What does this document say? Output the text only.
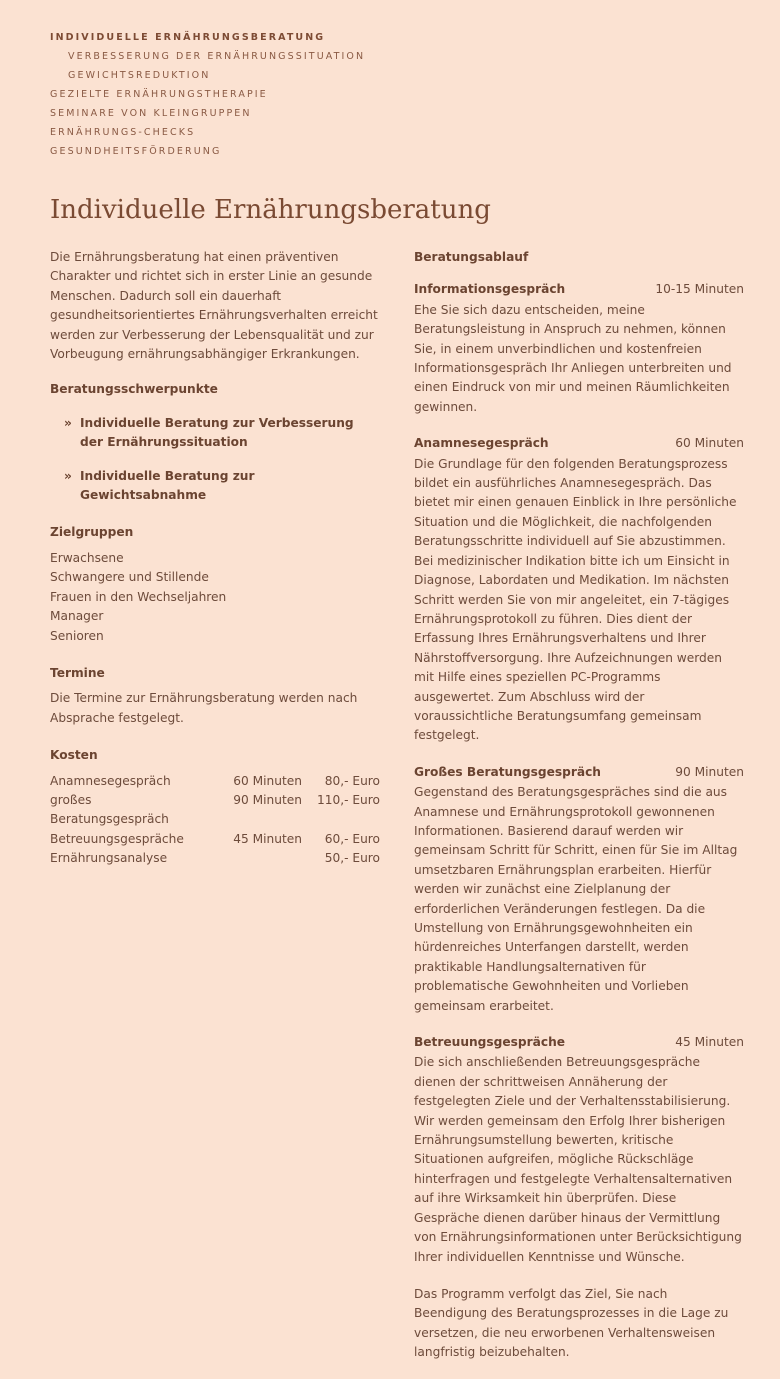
INDIVIDUELLE ERNÄHRUNGSBERATUNG
VERBESSERUNG DER ERNÄHRUNGSSITUATION
GEWICHTSREDUKTION
GEZIELTE ERNÄHRUNGSTHERAPIE
SEMINARE VON KLEINGRUPPEN
ERNÄHRUNGS-CHECKS
GESUNDHEITSFÖRDERUNG
Individuelle Ernährungsberatung

Die Ernährungsberatung hat einen präventiven Charakter und richtet sich in erster Linie an gesunde Menschen. Dadurch soll ein dauerhaft gesundheitsorientiertes Ernährungsverhalten erreicht werden zur Verbesserung der Lebensqualität und zur Vorbeugung ernährungsabhängiger Erkrankungen.

Beratungsschwerpunkte
» Individuelle Beratung zur Verbesserung der Ernährungssituation
» Individuelle Beratung zur Gewichtsabnahme
Zielgruppen
Erwachsene
Schwangere und Stillende
Frauen in den Wechseljahren
Manager
Senioren
Termine

Die Termine zur Ernährungsberatung werden nach Absprache festgelegt.

Kosten
Anamnesegespräch	60 Minuten	80,- Euro
großes Beratungsgespräch	90 Minuten	110,- Euro
Betreuungsgespräche	45 Minuten	60,- Euro
Ernährungsanalyse		50,- Euro
Beratungsablauf
Informationsgespräch	10-15 Minuten

Ehe Sie sich dazu entscheiden, meine Beratungsleistung in Anspruch zu nehmen, können Sie, in einem unverbindlichen und kostenfreien Informationsgespräch Ihr Anliegen unterbreiten und einen Eindruck von mir und meinen Räumlichkeiten gewinnen.

Anamnesegespräch	60 Minuten

Die Grundlage für den folgenden Beratungsprozess bildet ein ausführliches Anamnesegespräch. Das bietet mir einen genauen Einblick in Ihre persönliche Situation und die Möglichkeit, die nachfolgenden Beratungsschritte individuell auf Sie abzustimmen. Bei medizinischer Indikation bitte ich um Einsicht in Diagnose, Labordaten und Medikation. Im nächsten Schritt werden Sie von mir angeleitet, ein 7-tägiges Ernährungsprotokoll zu führen. Dies dient der Erfassung Ihres Ernährungsverhaltens und Ihrer Nährstoffversorgung. Ihre Aufzeichnungen werden mit Hilfe eines speziellen PC-Programms ausgewertet. Zum Abschluss wird der voraussichtliche Beratungsumfang gemeinsam festgelegt.

Großes Beratungsgespräch	90 Minuten

Gegenstand des Beratungsgespräches sind die aus Anamnese und Ernährungsprotokoll gewonnenen Informationen. Basierend darauf werden wir gemeinsam Schritt für Schritt, einen für Sie im Alltag umsetzbaren Ernährungsplan erarbeiten. Hierfür werden wir zunächst eine Zielplanung der erforderlichen Veränderungen festlegen. Da die Umstellung von Ernährungsgewohnheiten ein hürdenreiches Unterfangen darstellt, werden praktikable Handlungsalternativen für problematische Gewohnheiten und Vorlieben gemeinsam erarbeitet.

Betreuungsgespräche	45 Minuten

Die sich anschließenden Betreuungsgespräche dienen der schrittweisen Annäherung der festgelegten Ziele und der Verhaltensstabilisierung. Wir werden gemeinsam den Erfolg Ihrer bisherigen Ernährungsumstellung bewerten, kritische Situationen aufgreifen, mögliche Rückschläge hinterfragen und festgelegte Verhaltensalternativen auf ihre Wirksamkeit hin überprüfen. Diese Gespräche dienen darüber hinaus der Vermittlung von Ernährungsinformationen unter Berücksichtigung Ihrer individuellen Kenntnisse und Wünsche.

Das Programm verfolgt das Ziel, Sie nach Beendigung des Beratungsprozesses in die Lage zu versetzen, die neu erworbenen Verhaltensweisen langfristig beizubehalten.
